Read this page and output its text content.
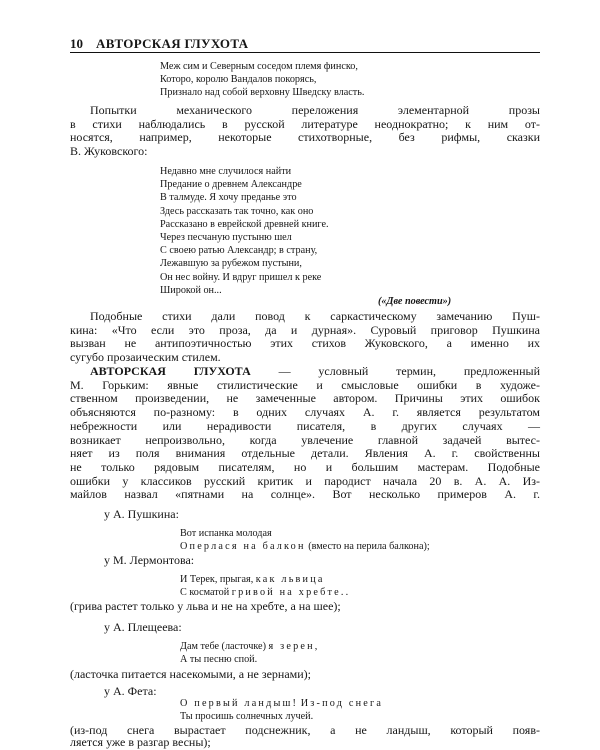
10 АВТОРСКАЯ ГЛУХОТА
Меж сим и Северным соседом племя финско,
Которо, королю Вандалов покорясь,
Признало над собой верховну Шведску власть.
Попытки механического переложения элементарной прозы
в стихи наблюдались в русской литературе неоднократно; к ним от-
носятся, например, некоторые стихотворные, без рифмы, сказки
В. Жуковского:
Недавно мне случилося найти
Предание о древнем Александре
В талмуде. Я хочу преданье это
Здесь рассказать так точно, как оно
Рассказано в еврейской древней книге.
Через песчаную пустыню шел
С своею ратью Александр; в страну,
Лежавшую за рубежом пустыни,
Он нес войну. И вдруг пришел к реке
Широкой он...
(«Две повести»)
Подобные стихи дали повод к саркастическому замечанию Пуш-
кина: «Что если это проза, да и дурная». Суровый приговор Пушкина
вызван не антипоэтичностью этих стихов Жуковского, а именно их
сугубо прозаическим стилем.
АВТОРСКАЯ ГЛУХОТА — условный термин, предложенный
М. Горьким: явные стилистические и смысловые ошибки в художе-
ственном произведении, не замеченные автором. Причины этих ошибок
объясняются по-разному: в одних случаях А. г. является результатом
небрежности или нерадивости писателя, в других случаях —
возникает непроизвольно, когда увлечение главной задачей вытес-
няет из поля внимания отдельные детали. Явления А. г. свойственны
не только рядовым писателям, но и большим мастерам. Подобные
ошибки у классиков русский критик и пародист начала 20 в. А. А. Из-
майлов назвал «пятнами на солнце». Вот несколько примеров А. г.
у А. Пушкина:
Вот испанка молодая
Оперлася на балкон (вместо на перила балкона);
у М. Лермонтова:
И Терек, прыгая, как львица
С косматой гривой на хребте..
(грива растет только у льва и не на хребте, а на шее);
у А. Плещеева:
Дам тебе (ласточке) я зерен,
А ты песню спой.
(ласточка питается насекомыми, а не зернами);
у А. Фета:
О первый ландыш! Из-под снега
Ты просишь солнечных лучей.
(из-под снега вырастает подснежник, а не ландыш, который появ-
ляется уже в разгар весны);
